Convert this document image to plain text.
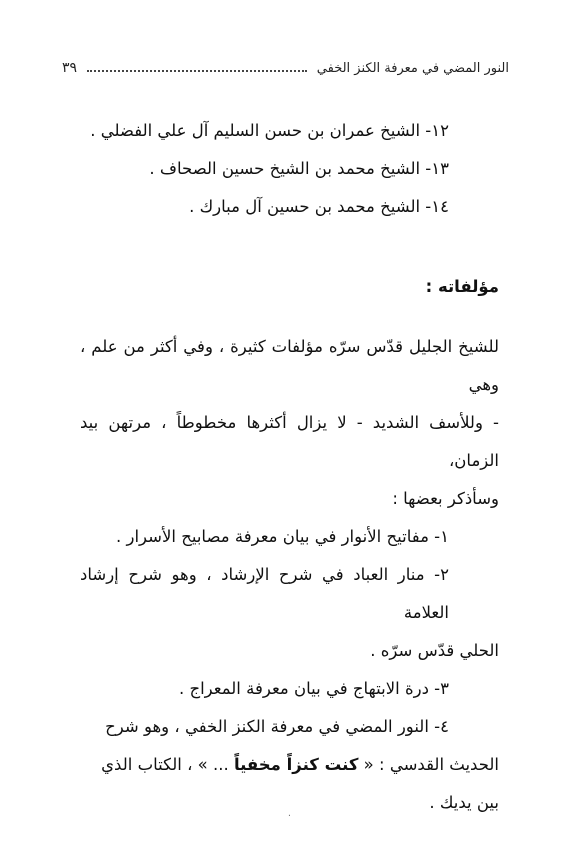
النور المضي في معرفة الكنز الخفي
٣٩
١٢- الشيخ عمران بن حسن السليم آل علي الفضلي .
١٣- الشيخ محمد بن الشيخ حسين الصحاف .
١٤- الشيخ محمد بن حسين آل مبارك .
مؤلفاته :
للشيخ الجليل قدّس سرّه مؤلفات كثيرة ، وفي أكثر من علم ، وهي
- وللأسف الشديد - لا يزال أكثرها مخطوطاً ، مرتهن بيد الزمان،
وسأذكر بعضها :
١- مفاتيح الأنوار في بيان معرفة مصابيح الأسرار .
٢- منار العباد في شرح الإرشاد ، وهو شرح إرشاد العلامة
الحلي قدّس سرّه .
٣- درة الابتهاج في بيان معرفة المعراج .
٤- النور المضي في معرفة الكنز الخفي ، وهو شرح
الحديث القدسي : « كنت كنزاً مخفياً ... » ، الكتاب الذي
بين يديك .
·
